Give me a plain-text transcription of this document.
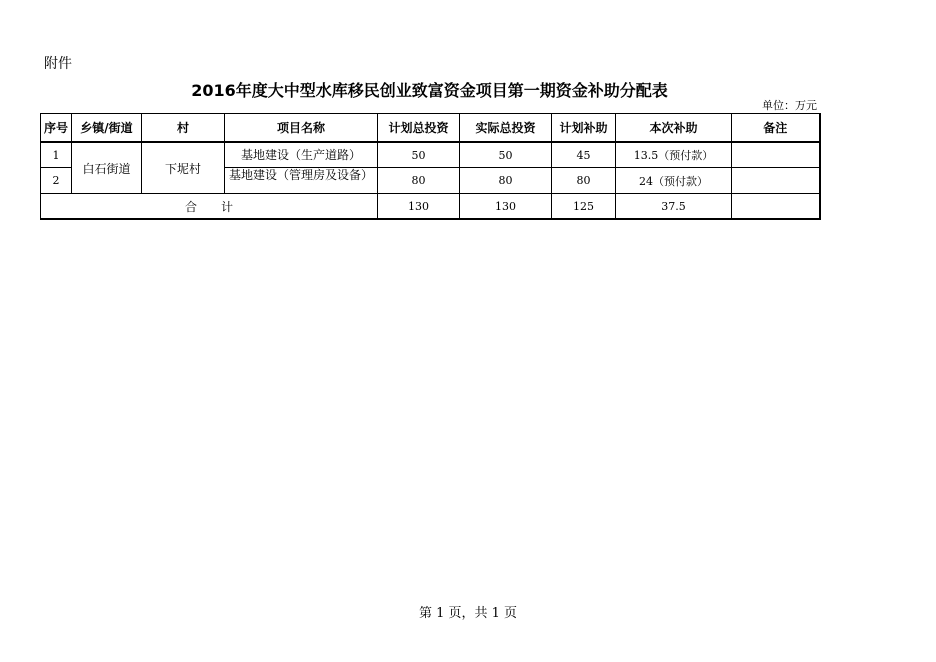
附件
2016年度大中型水库移民创业致富资金项目第一期资金补助分配表
单位：万元
序号	乡镇/街道	村	项目名称	计划总投资	实际总投资	计划补助	本次补助	备注
1	白石街道	下坭村	基地建设（生产道路）	50	50	45	13.5（预付款）	
2			基地建设（管理房及设备）	80	80	80	24（预付款）	
合　　计				130	130	125	37.5	
第 1 页，共 1 页
